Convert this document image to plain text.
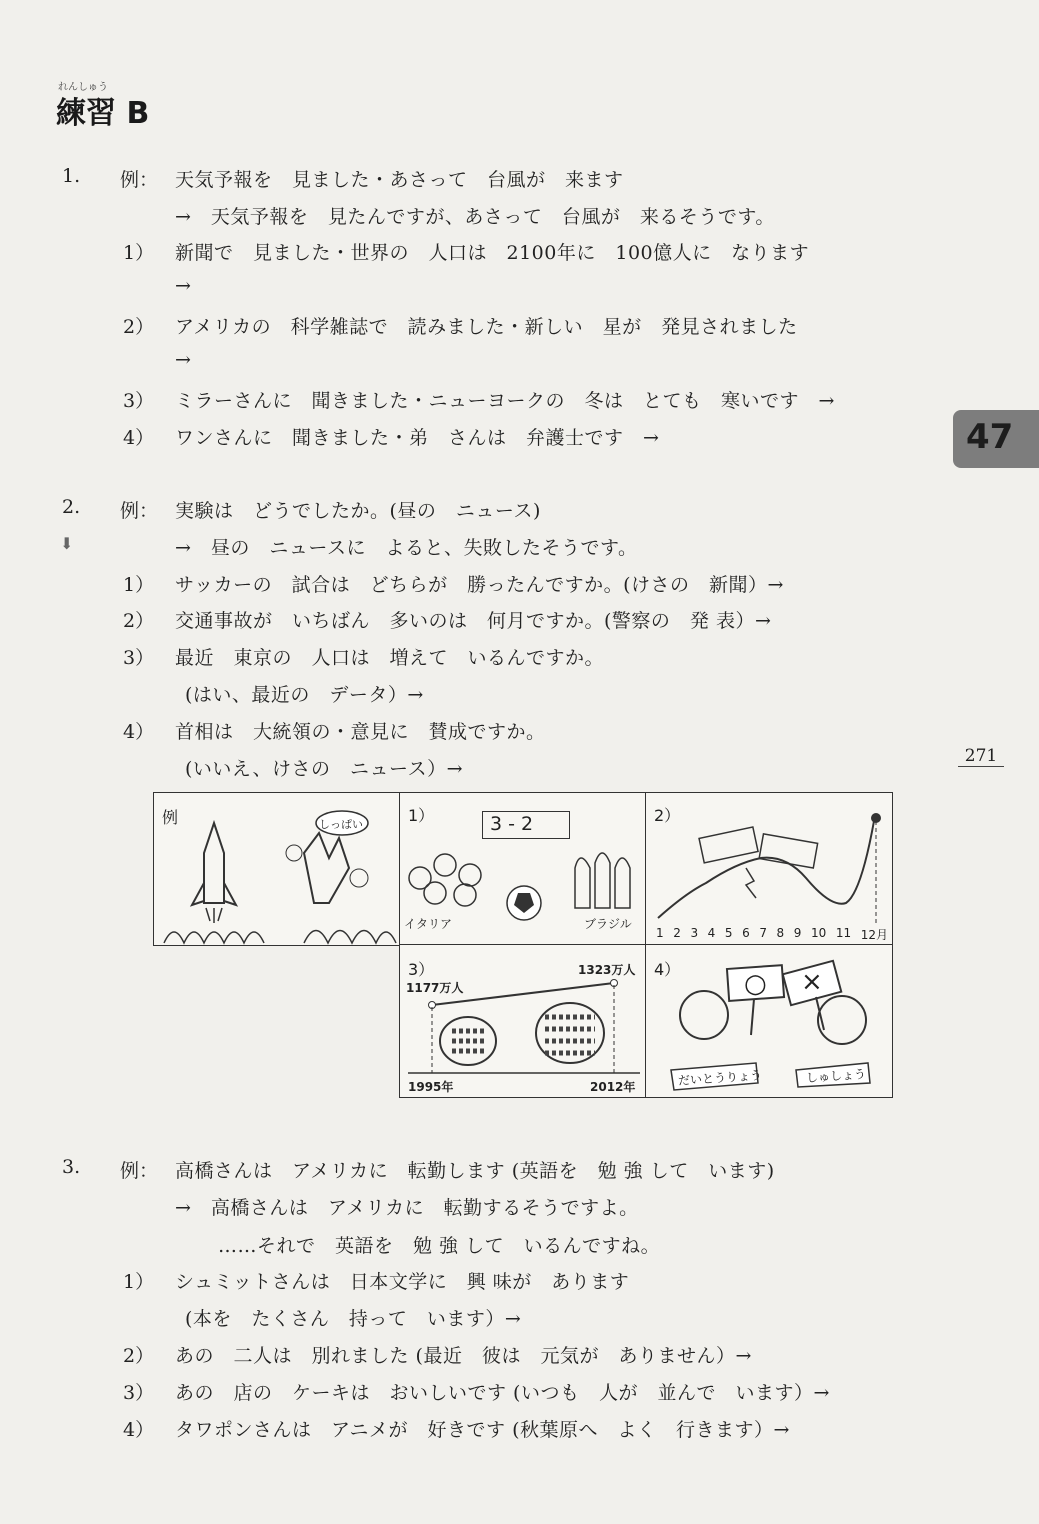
れんしゅう
練習 B
47
271
1. 例： 天気予報を　見ました・あさって　台風が　来ます
→　天気予報を　見たんですが、あさって　台風が　来るそうです。
1） 新聞で　見ました・世界の　人口は　2100年に　100億人に　なります
→
2） アメリカの　科学雑誌で　読みました・新しい　星が　発見されました
→
3） ミラーさんに　聞きました・ニューヨークの　冬は　とても　寒いです　→
4） ワンさんに　聞きました・弟　さんは　弁護士です　→
2. 例： 実験は　どうでしたか。(昼の　ニュース)
⬇	→　昼の　ニュースに　よると、失敗したそうです。
1） サッカーの　試合は　どちらが　勝ったんですか。(けさの　新聞）→
2） 交通事故が　いちばん　多いのは　何月ですか。(警察の　発 表）→
3） 最近　東京の　人口は　増えて　いるんですか。
(はい、最近の　データ）→
4） 首相は　大統領の・意見に　賛成ですか。
(いいえ、けさの　ニュース）→
例	しっぱい	1）	3 - 2
イタリア	ブラジル
2）
1 2 3 4 5 6 7 8 9 10 11 12月
3）
1177万人
1323万人
1995年	2012年
4） ○ ×
だいとうりょう	しゅしょう
3. 例： 高橋さんは　アメリカに　転勤します (英語を　勉 強 して　います)
→　高橋さんは　アメリカに　転勤するそうですよ。
……それで　英語を　勉 強 して　いるんですね。
1） シュミットさんは　日本文学に　興 味が　あります
(本を　たくさん　持って　います）→
2） あの　二人は　別れました (最近　彼は　元気が　ありません）→
3） あの　店の　ケーキは　おいしいです (いつも　人が　並んで　います）→
4） タワポンさんは　アニメが　好きです (秋葉原へ　よく　行きます）→
